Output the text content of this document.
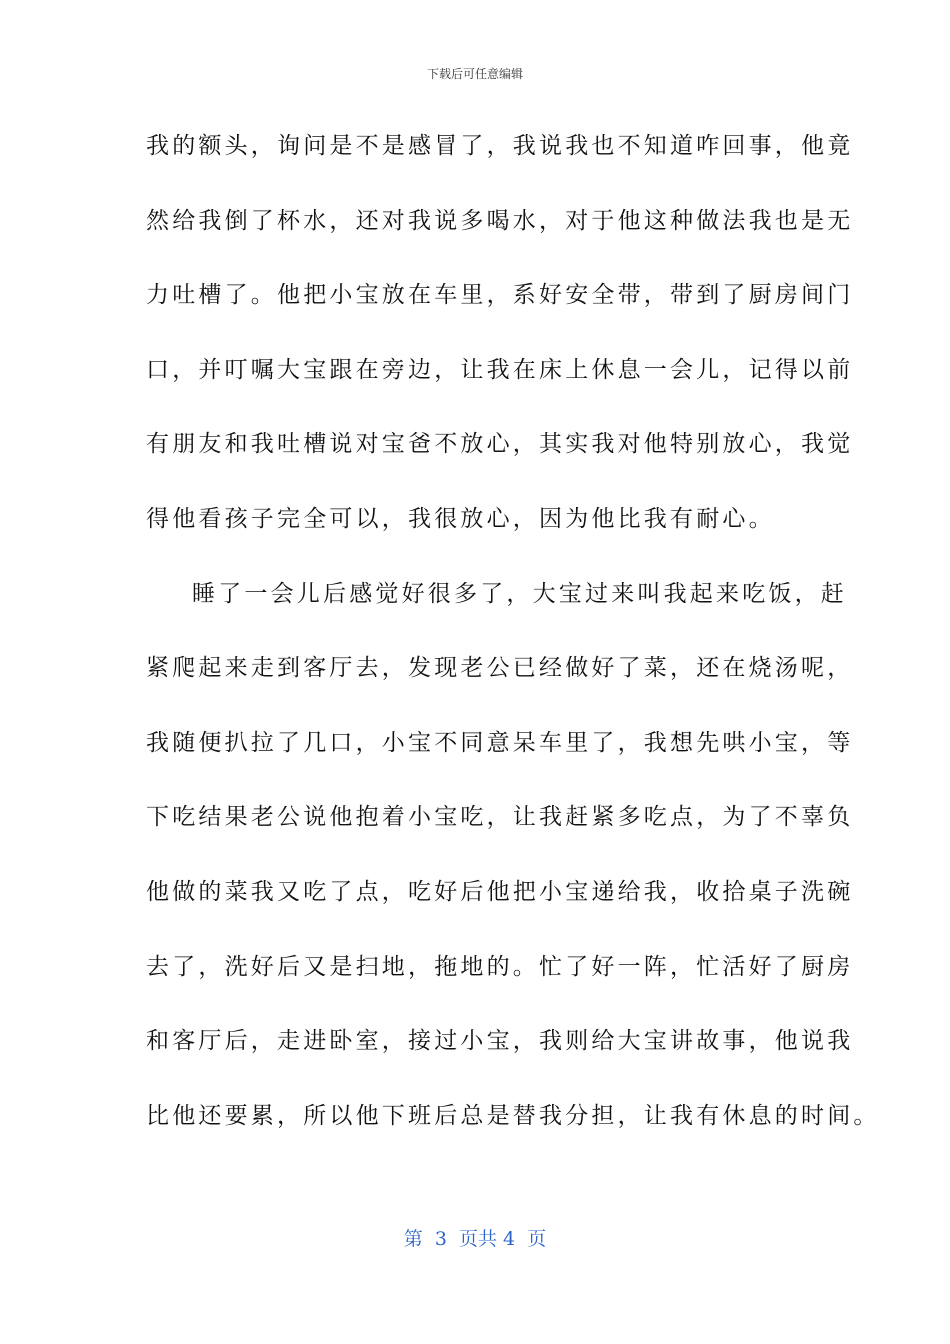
下载后可任意编辑
我的额头，询问是不是感冒了，我说我也不知道咋回事，他竟
然给我倒了杯水，还对我说多喝水，对于他这种做法我也是无
力吐槽了。他把小宝放在车里，系好安全带，带到了厨房间门
口，并叮嘱大宝跟在旁边，让我在床上休息一会儿，记得以前
有朋友和我吐槽说对宝爸不放心，其实我对他特别放心，我觉
得他看孩子完全可以，我很放心，因为他比我有耐心。
睡了一会儿后感觉好很多了，大宝过来叫我起来吃饭，赶
紧爬起来走到客厅去，发现老公已经做好了菜，还在烧汤呢，
我随便扒拉了几口，小宝不同意呆车里了，我想先哄小宝，等
下吃结果老公说他抱着小宝吃，让我赶紧多吃点，为了不辜负
他做的菜我又吃了点，吃好后他把小宝递给我，收拾桌子洗碗
去了，洗好后又是扫地，拖地的。忙了好一阵，忙活好了厨房
和客厅后，走进卧室，接过小宝，我则给大宝讲故事，他说我
比他还要累，所以他下班后总是替我分担，让我有休息的时间。
第  3  页共 4  页
